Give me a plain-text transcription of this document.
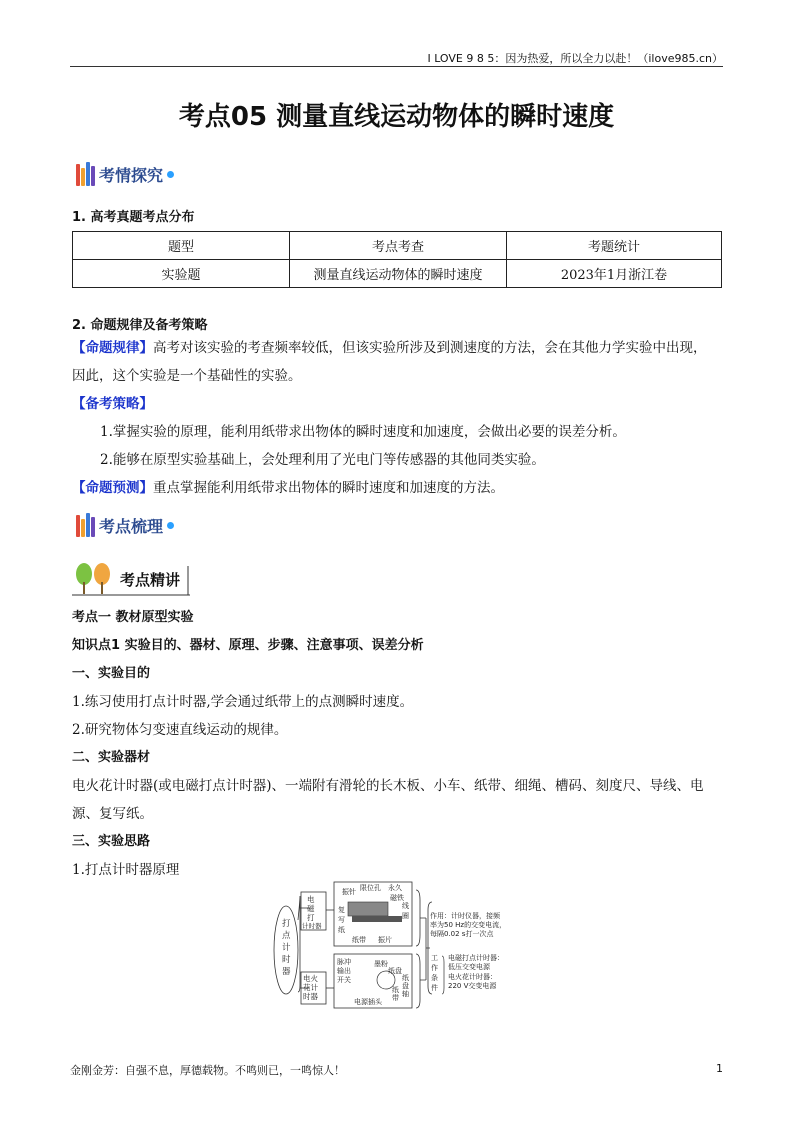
I LOVE 9 8 5：因为热爱，所以全力以赴！（ilove985.cn）
考点05 测量直线运动物体的瞬时速度
考情探究
1. 高考真题考点分布
题型	考点考查	考题统计
实验题	测量直线运动物体的瞬时速度	2023年1月浙江卷
2. 命题规律及备考策略
【命题规律】高考对该实验的考查频率较低，但该实验所涉及到测速度的方法，会在其他力学实验中出现，
因此，这个实验是一个基础性的实验。
【备考策略】
1.掌握实验的原理，能利用纸带求出物体的瞬时速度和加速度，会做出必要的误差分析。
2.能够在原型实验基础上，会处理利用了光电门等传感器的其他同类实验。
【命题预测】重点掌握能利用纸带求出物体的瞬时速度和加速度的方法。
考点梳理
考点精讲
考点一 教材原型实验
知识点1 实验目的、器材、原理、步骤、注意事项、误差分析
一、实验目的
1.练习使用打点计时器,学会通过纸带上的点测瞬时速度。
2.研究物体匀变速直线运动的规律。
二、实验器材
电火花计时器(或电磁打点计时器)、一端附有滑轮的长木板、小车、纸带、细绳、槽码、刻度尺、导线、电
源、复写纸。
三、实验思路
1.打点计时器原理
打
点
计
时
器
电
磁
打
计时器
电火
花计
时器
振针 限位孔 永久
磁铁
线
圈
复
写
纸
纸带 振片
脉冲
输出
开关
墨粉
纸盘
纸
盘
轴
纸
带
电源插头
作用：计时仪器，接频
率为50 Hz的交变电流，
每隔0.02 s打一次点
工
作
条
件
电磁打点计时器：
低压交变电源
电火花计时器：
220 V交变电源
金刚金芳：自强不息，厚德载物。不鸣则已，一鸣惊人！	1
